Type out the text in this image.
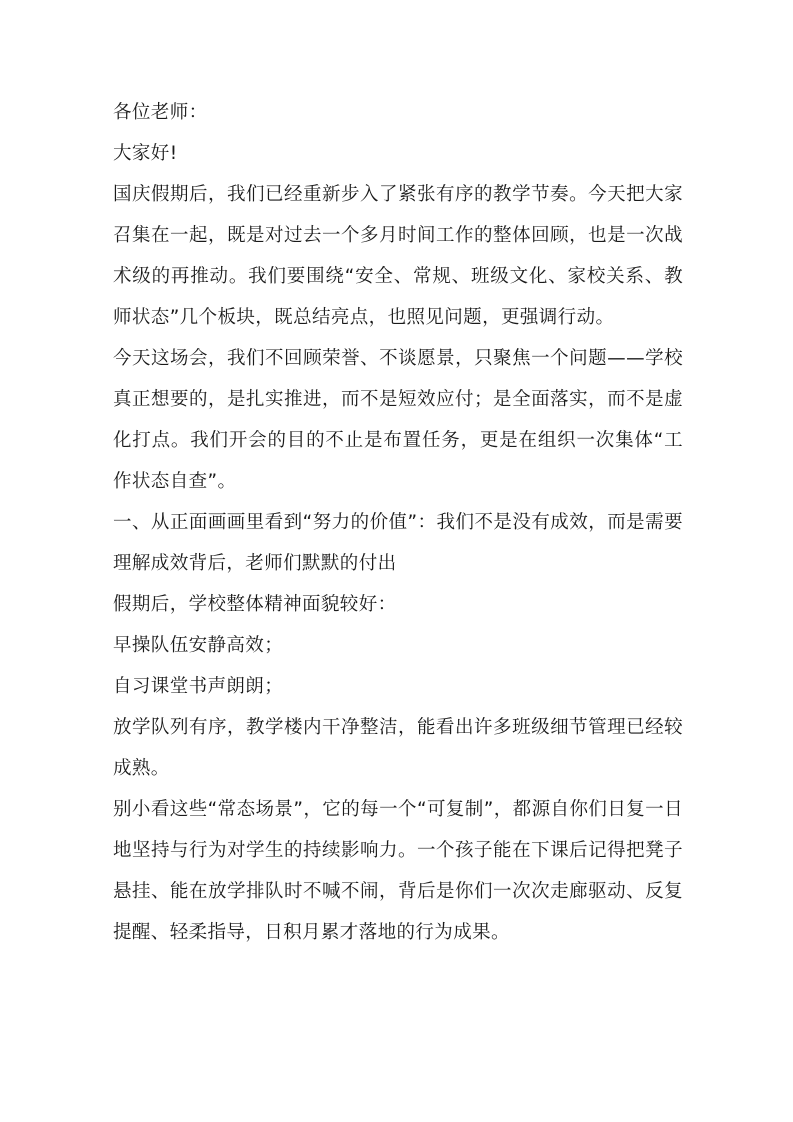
各位老师：

大家好!

国庆假期后，我们已经重新步入了紧张有序的教学节奏。今天把大家召集在一起，既是对过去一个多月时间工作的整体回顾，也是一次战术级的再推动。我们要围绕“安全、常规、班级文化、家校关系、教师状态”几个板块，既总结亮点，也照见问题，更强调行动。

今天这场会，我们不回顾荣誉、不谈愿景，只聚焦一个问题——学校真正想要的，是扎实推进，而不是短效应付；是全面落实，而不是虚化打点。我们开会的目的不止是布置任务，更是在组织一次集体“工作状态自查”。

一、从正面画画里看到“努力的价值”：我们不是没有成效，而是需要理解成效背后，老师们默默的付出

假期后，学校整体精神面貌较好：

早操队伍安静高效；

自习课堂书声朗朗；

放学队列有序，教学楼内干净整洁，能看出许多班级细节管理已经较成熟。

别小看这些“常态场景”，它的每一个“可复制”，都源自你们日复一日地坚持与行为对学生的持续影响力。一个孩子能在下课后记得把凳子悬挂、能在放学排队时不喊不闹，背后是你们一次次走廊驱动、反复提醒、轻柔指导，日积月累才落地的行为成果。
